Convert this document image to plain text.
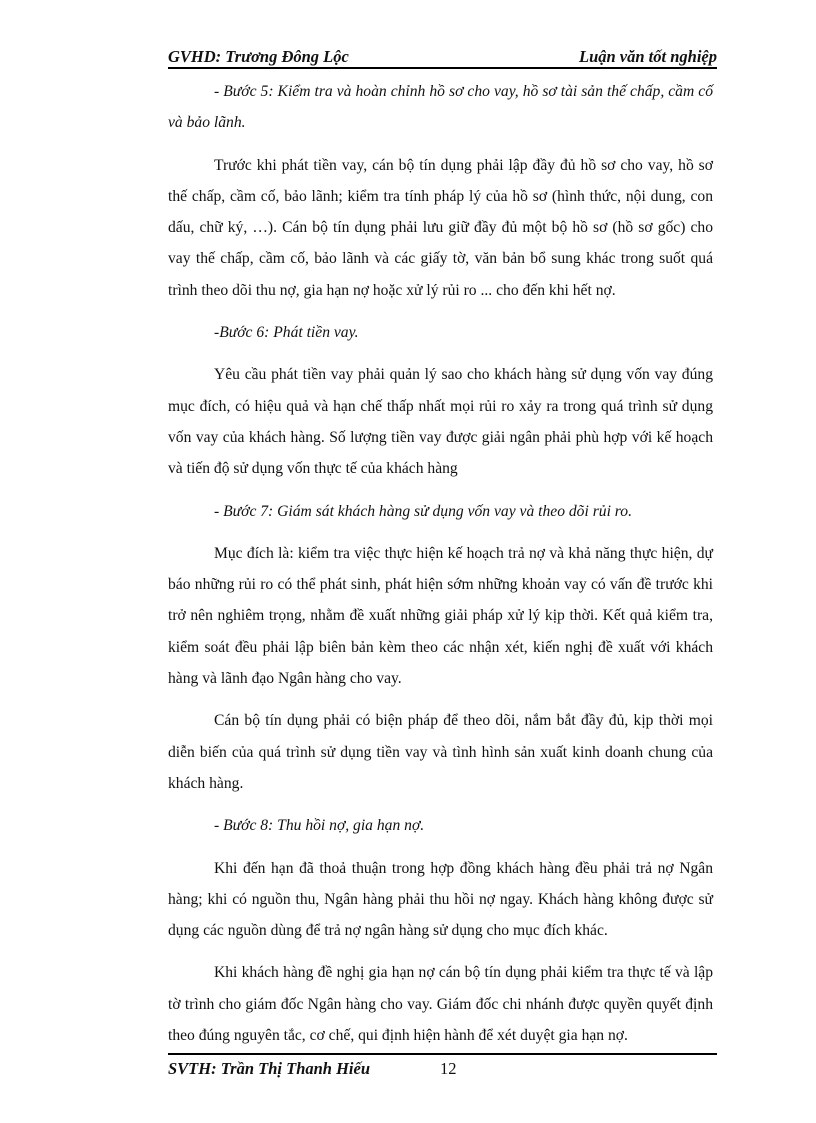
GVHD: Trương Đông Lộc	Luận văn tốt nghiệp

- Bước 5: Kiểm tra và hoàn chỉnh hồ sơ cho vay, hồ sơ tài sản thế chấp, cầm cố và bảo lãnh.

Trước khi phát tiền vay, cán bộ tín dụng phải lập đầy đủ hồ sơ cho vay, hồ sơ thế chấp, cầm cố, bảo lãnh; kiểm tra tính pháp lý của hồ sơ (hình thức, nội dung, con dấu, chữ ký, …). Cán bộ tín dụng phải lưu giữ đầy đủ một bộ hồ sơ (hồ sơ gốc) cho vay thế chấp, cầm cố, bảo lãnh và các giấy tờ, văn bản bổ sung khác trong suốt quá trình theo dõi thu nợ, gia hạn nợ hoặc xử lý rủi ro ... cho đến khi hết nợ.

-Bước 6: Phát tiền vay.

Yêu cầu phát tiền vay phải quản lý sao cho khách hàng sử dụng vốn vay đúng mục đích, có hiệu quả và hạn chế thấp nhất mọi rủi ro xảy ra trong quá trình sử dụng vốn vay của khách hàng. Số lượng tiền vay được giải ngân phải phù hợp với kế hoạch và tiến độ sử dụng vốn thực tế của khách hàng

- Bước 7: Giám sát khách hàng sử dụng vốn vay và theo dõi rủi ro.

Mục đích là: kiểm tra việc thực hiện kế hoạch trả nợ và khả năng thực hiện, dự báo những rủi ro có thể phát sinh, phát hiện sớm những khoản vay có vấn đề trước khi trở nên nghiêm trọng, nhằm đề xuất những giải pháp xử lý kịp thời. Kết quả kiểm tra, kiểm soát đều phải lập biên bản kèm theo các nhận xét, kiến nghị đề xuất với khách hàng và lãnh đạo Ngân hàng cho vay.

Cán bộ tín dụng phải có biện pháp để theo dõi, nắm bắt đầy đủ, kịp thời mọi diễn biến của quá trình sử dụng tiền vay và tình hình sản xuất kinh doanh chung của khách hàng.

- Bước 8: Thu hồi nợ, gia hạn nợ.

Khi đến hạn đã thoả thuận trong hợp đồng khách hàng đều phải trả nợ Ngân hàng; khi có nguồn thu, Ngân hàng phải thu hồi nợ ngay. Khách hàng không được sử dụng các nguồn dùng để trả nợ ngân hàng sử dụng cho mục đích khác.

Khi khách hàng đề nghị gia hạn nợ cán bộ tín dụng phải kiểm tra thực tế và lập tờ trình cho giám đốc Ngân hàng cho vay. Giám đốc chi nhánh được quyền quyết định theo đúng nguyên tắc, cơ chế, qui định hiện hành để xét duyệt gia hạn nợ.

SVTH: Trần Thị Thanh Hiếu	12
